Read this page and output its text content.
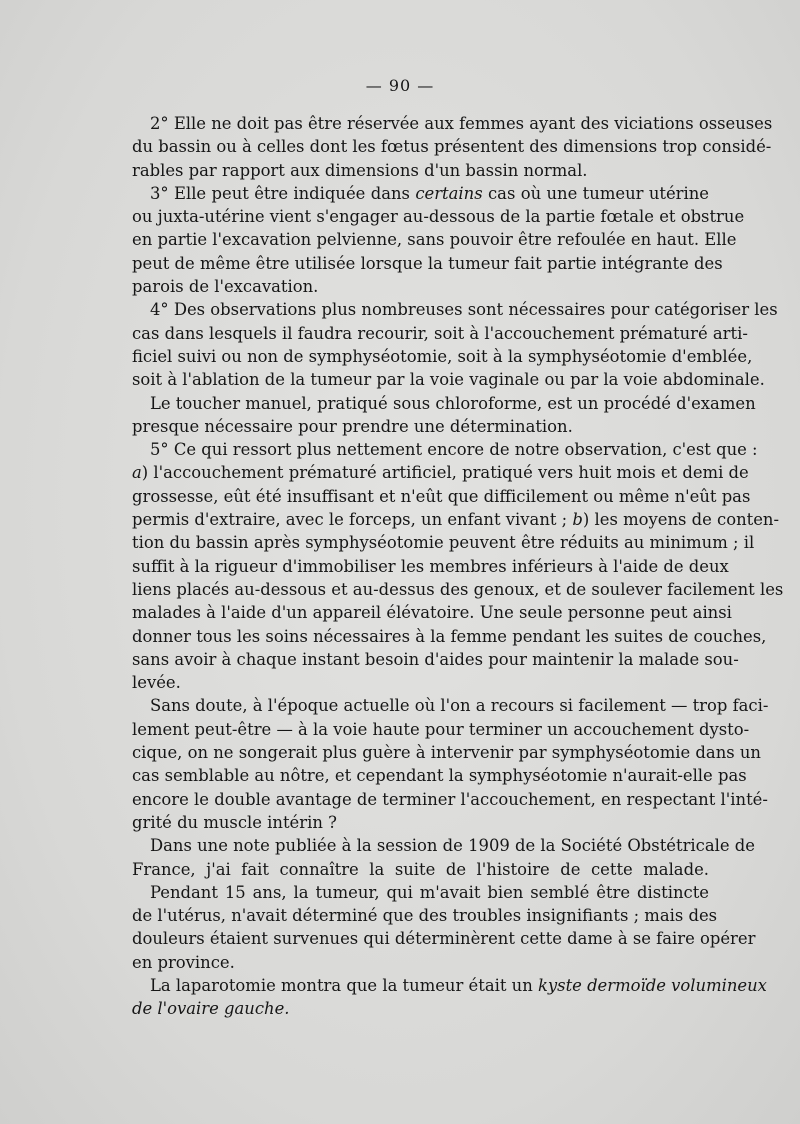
— 90 —
2° Elle ne doit pas être réservée aux femmes ayant des viciations osseuses
du bassin ou à celles dont les fœtus présentent des dimensions trop considé-
rables par rapport aux dimensions d'un bassin normal.
3° Elle peut être indiquée dans certains cas où une tumeur utérine
ou juxta-utérine vient s'engager au-dessous de la partie fœtale et obstrue
en partie l'excavation pelvienne, sans pouvoir être refoulée en haut. Elle
peut de même être utilisée lorsque la tumeur fait partie intégrante des
parois de l'excavation.
4° Des observations plus nombreuses sont nécessaires pour catégoriser les
cas dans lesquels il faudra recourir, soit à l'accouchement prématuré arti-
ficiel suivi ou non de symphyséotomie, soit à la symphyséotomie d'emblée,
soit à l'ablation de la tumeur par la voie vaginale ou par la voie abdominale.
Le toucher manuel, pratiqué sous chloroforme, est un procédé d'examen
presque nécessaire pour prendre une détermination.
5° Ce qui ressort plus nettement encore de notre observation, c'est que :
a) l'accouchement prématuré artificiel, pratiqué vers huit mois et demi de
grossesse, eût été insuffisant et n'eût que difficilement ou même n'eût pas
permis d'extraire, avec le forceps, un enfant vivant ; b) les moyens de conten-
tion du bassin après symphyséotomie peuvent être réduits au minimum ; il
suffit à la rigueur d'immobiliser les membres inférieurs à l'aide de deux
liens placés au-dessous et au-dessus des genoux, et de soulever facilement les
malades à l'aide d'un appareil élévatoire. Une seule personne peut ainsi
donner tous les soins nécessaires à la femme pendant les suites de couches,
sans avoir à chaque instant besoin d'aides pour maintenir la malade sou-
levée.
Sans doute, à l'époque actuelle où l'on a recours si facilement — trop faci-
lement peut-être — à la voie haute pour terminer un accouchement dysto-
cique, on ne songerait plus guère à intervenir par symphyséotomie dans un
cas semblable au nôtre, et cependant la symphyséotomie n'aurait-elle pas
encore le double avantage de terminer l'accouchement, en respectant l'inté-
grité du muscle intérin ?
Dans une note publiée à la session de 1909 de la Société Obstétricale de
France, j'ai fait connaître la suite de l'histoire de cette malade.
Pendant 15 ans, la tumeur, qui m'avait bien semblé être distincte
de l'utérus, n'avait déterminé que des troubles insignifiants ; mais des
douleurs étaient survenues qui déterminèrent cette dame à se faire opérer
en province.
La laparotomie montra que la tumeur était un kyste dermoïde volumineux
de l'ovaire gauche.
